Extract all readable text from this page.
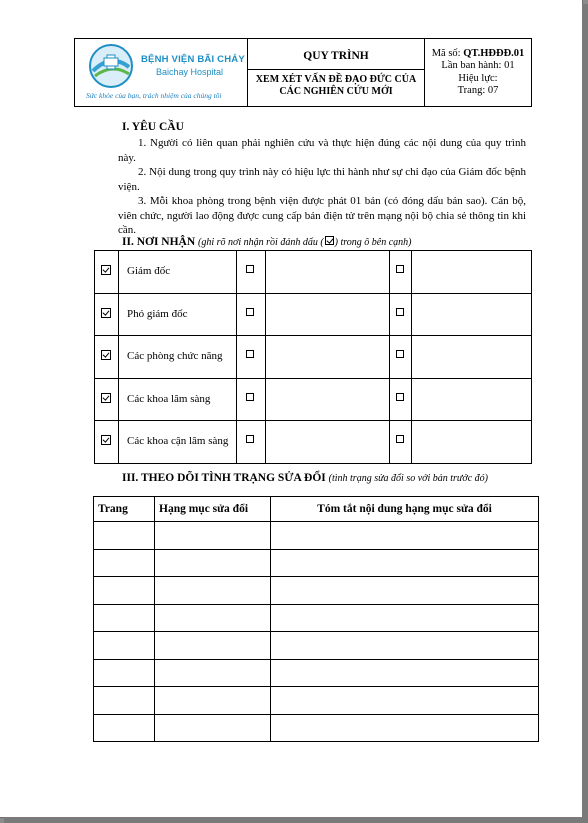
BỆNH VIỆN BÃI CHÁY
Baichay Hospital
Sức khỏe của bạn, trách nhiệm của chúng tôi

QUY TRÌNH
XEM XÉT VẤN ĐỀ ĐẠO ĐỨC CỦA CÁC NGHIÊN CỨU MỚI

Mã số: QT.HĐĐĐ.01
Lần ban hành: 01
Hiệu lực:
Trang: 07
I. YÊU CẦU
1. Người có liên quan phải nghiên cứu và thực hiện đúng các nội dung của quy trình này.
2. Nội dung trong quy trình này có hiệu lực thi hành như sự chỉ đạo của Giám đốc bệnh viện.
3. Mỗi khoa phòng trong bệnh viện được phát 01 bản (có đóng dấu bản sao). Cán bộ, viên chức, người lao động được cung cấp bản điện tử trên mạng nội bộ chia sẻ thông tin khi cần.
II. NƠI NHẬN (ghi rõ nơi nhận rồi đánh dấu ( ) trong ô bên cạnh)
	Giám đốc				
	Phó giám đốc				
	Các phòng chức năng				
	Các khoa lâm sàng				
	Các khoa cận lâm sàng				
III. THEO DÕI TÌNH TRẠNG SỬA ĐỔI (tình trạng sửa đổi so với bản trước đó)
Trang	Hạng mục sửa đổi	Tóm tắt nội dung hạng mục sửa đổi
